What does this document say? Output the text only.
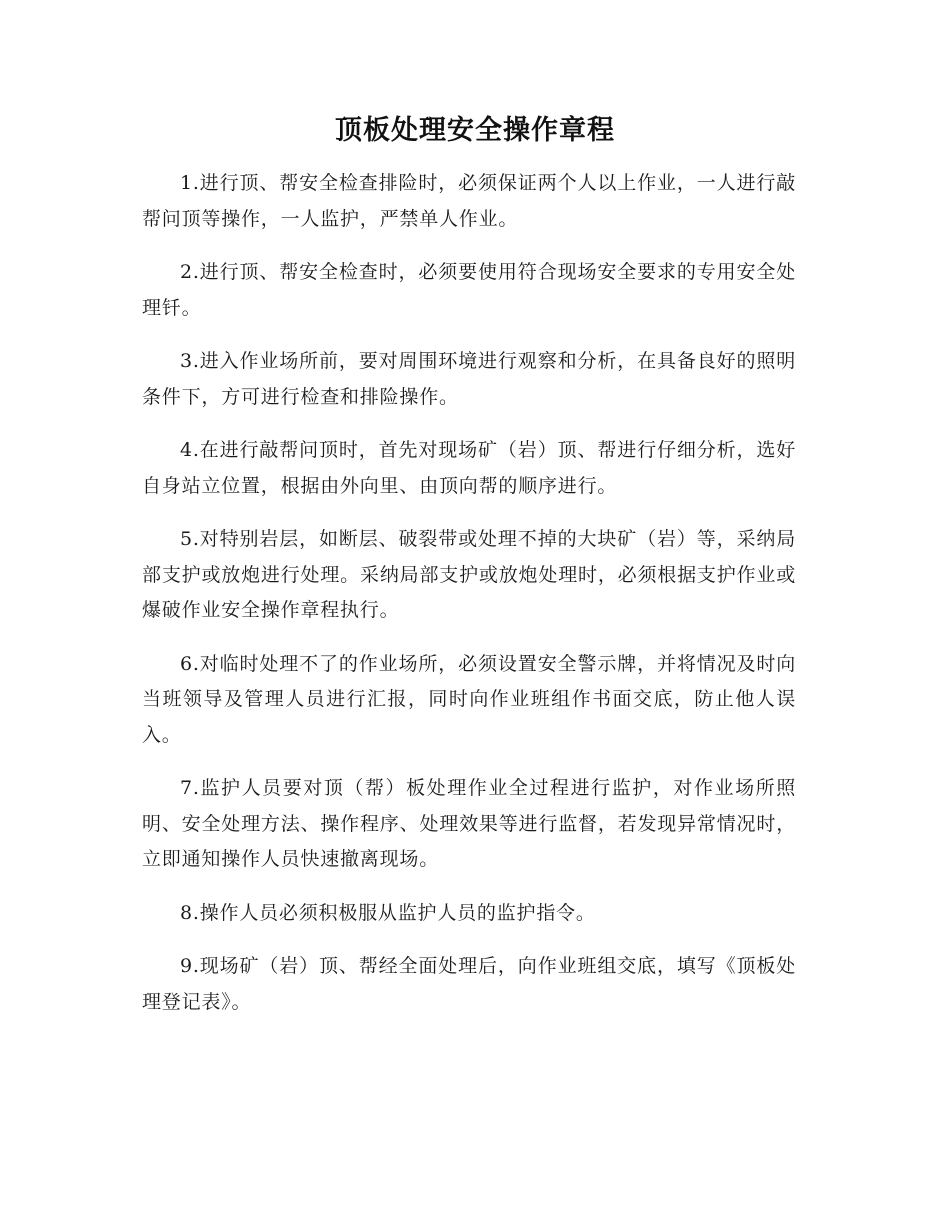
顶板处理安全操作章程

1.进行顶、帮安全检查排险时，必须保证两个人以上作业，一人进行敲帮问顶等操作，一人监护，严禁单人作业。

2.进行顶、帮安全检查时，必须要使用符合现场安全要求的专用安全处理钎。

3.进入作业场所前，要对周围环境进行观察和分析，在具备良好的照明条件下，方可进行检查和排险操作。

4.在进行敲帮问顶时，首先对现场矿（岩）顶、帮进行仔细分析，选好自身站立位置，根据由外向里、由顶向帮的顺序进行。

5.对特别岩层，如断层、破裂带或处理不掉的大块矿（岩）等，采纳局部支护或放炮进行处理。采纳局部支护或放炮处理时，必须根据支护作业或爆破作业安全操作章程执行。

6.对临时处理不了的作业场所，必须设置安全警示牌，并将情况及时向当班领导及管理人员进行汇报，同时向作业班组作书面交底，防止他人误入。

7.监护人员要对顶（帮）板处理作业全过程进行监护，对作业场所照明、安全处理方法、操作程序、处理效果等进行监督，若发现异常情况时，立即通知操作人员快速撤离现场。

8.操作人员必须积极服从监护人员的监护指令。

9.现场矿（岩）顶、帮经全面处理后，向作业班组交底，填写《顶板处理登记表》。
